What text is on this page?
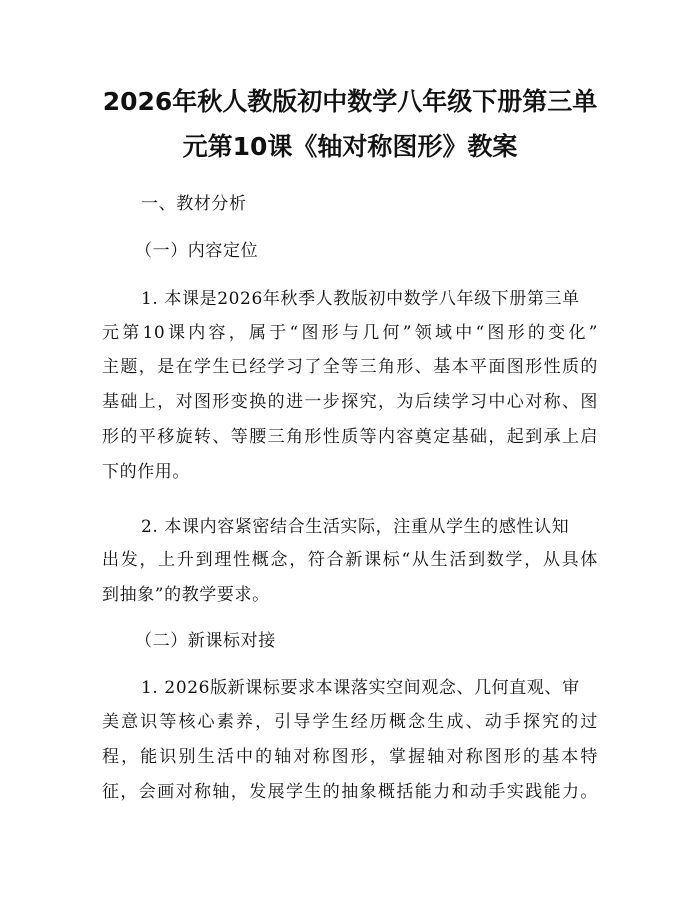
2026年秋人教版初中数学八年级下册第三单
元第10课《轴对称图形》教案
一、教材分析
（一）内容定位
1. 本课是2026年秋季人教版初中数学八年级下册第三单
元第10课内容，属于“图形与几何”领域中“图形的变化”
主题，是在学生已经学习了全等三角形、基本平面图形性质的
基础上，对图形变换的进一步探究，为后续学习中心对称、图
形的平移旋转、等腰三角形性质等内容奠定基础，起到承上启
下的作用。
2. 本课内容紧密结合生活实际，注重从学生的感性认知
出发，上升到理性概念，符合新课标“从生活到数学，从具体
到抽象”的教学要求。
（二）新课标对接
1. 2026版新课标要求本课落实空间观念、几何直观、审
美意识等核心素养，引导学生经历概念生成、动手探究的过
程，能识别生活中的轴对称图形，掌握轴对称图形的基本特
征，会画对称轴，发展学生的抽象概括能力和动手实践能力。
